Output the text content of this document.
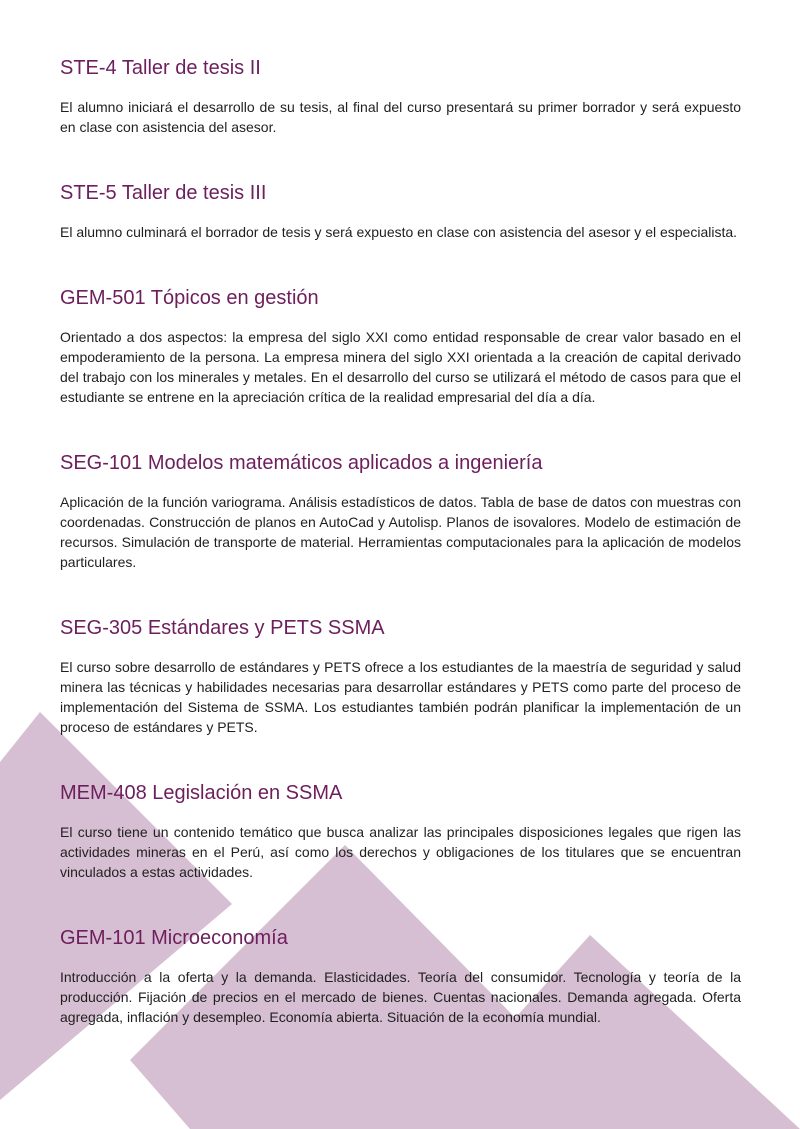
STE-4 Taller de tesis II

El alumno iniciará el desarrollo de su tesis, al final del curso presentará su primer borrador y será expuesto en clase con asistencia del asesor.

STE-5 Taller de tesis III

El alumno culminará el borrador de tesis y será expuesto en clase con asistencia del asesor y el especialista.

GEM-501 Tópicos en gestión

Orientado a dos aspectos: la empresa del siglo XXI como entidad responsable de crear valor basado en el empoderamiento de la persona. La empresa minera del siglo XXI orientada a la creación de capital derivado del trabajo con los minerales y metales. En el desarrollo del curso se utilizará el método de casos para que el estudiante se entrene en la apreciación crítica de la realidad empresarial del día a día.

SEG-101 Modelos matemáticos aplicados a ingeniería

Aplicación de la función variograma. Análisis estadísticos de datos. Tabla de base de datos con muestras con coordenadas. Construcción de planos en AutoCad y Autolisp. Planos de isovalores. Modelo de estimación de recursos. Simulación de transporte de material. Herramientas computacionales para la aplicación de modelos particulares.

SEG-305 Estándares y PETS SSMA

El curso sobre desarrollo de estándares y PETS ofrece a los estudiantes de la maestría de seguridad y salud minera las técnicas y habilidades necesarias para desarrollar estándares y PETS como parte del proceso de implementación del Sistema de SSMA. Los estudiantes también podrán planificar la implementación de un proceso de estándares y PETS.

MEM-408 Legislación en SSMA

El curso tiene un contenido temático que busca analizar las principales disposiciones legales que rigen las actividades mineras en el Perú, así como los derechos y obligaciones de los titulares que se encuentran vinculados a estas actividades.

GEM-101 Microeconomía

Introducción a la oferta y la demanda. Elasticidades. Teoría del consumidor. Tecnología y teoría de la producción. Fijación de precios en el mercado de bienes. Cuentas nacionales. Demanda agregada. Oferta agregada, inflación y desempleo. Economía abierta. Situación de la economía mundial.
